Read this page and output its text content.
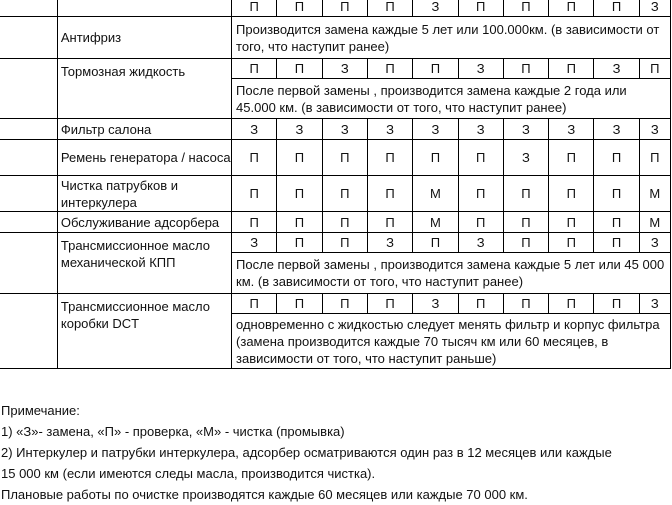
		П	П	П	П	З	П	П	П	П	З
	Антифриз	Производится замена каждые 5 лет или 100.000км. (в зависимости от того, что наступит ранее)									
	Тормозная жидкость	П	П	З	П	П	З	П	П	З	П
		После первой замены , производится замена каждые 2 года или 45.000 км. (в зависимости от того, что наступит ранее)									
	Фильтр салона	З	З	З	З	З	З	З	З	З	З
	Ремень генератора / насоса	П	П	П	П	П	П	З	П	П	П
	Чистка патрубков и интеркулера	П	П	П	П	М	П	П	П	П	М
	Обслуживание адсорбера	П	П	П	П	М	П	П	П	П	М
	Трансмиссионное масло механической КПП	З	П	П	З	П	З	П	П	П	З
		После первой замены , производится замена каждые 5 лет или 45 000 км. (в зависимости от того, что наступит ранее)									
	Трансмиссионное масло коробки DCT	П	П	П	П	З	П	П	П	П	З
		одновременно с жидкостью следует менять фильтр и корпус фильтра (замена производится каждые 70 тысяч км или 60 месяцев, в зависимости от того, что наступит раньше)									
Примечание:
1) «З»- замена, «П» - проверка, «М» - чистка (промывка)
2) Интеркулер и патрубки интеркулера, адсорбер осматриваются один раз в 12 месяцев или каждые
15 000 км (если имеются следы масла, производится чистка).
Плановые работы по очистке производятся каждые 60 месяцев или каждые 70 000 км.
